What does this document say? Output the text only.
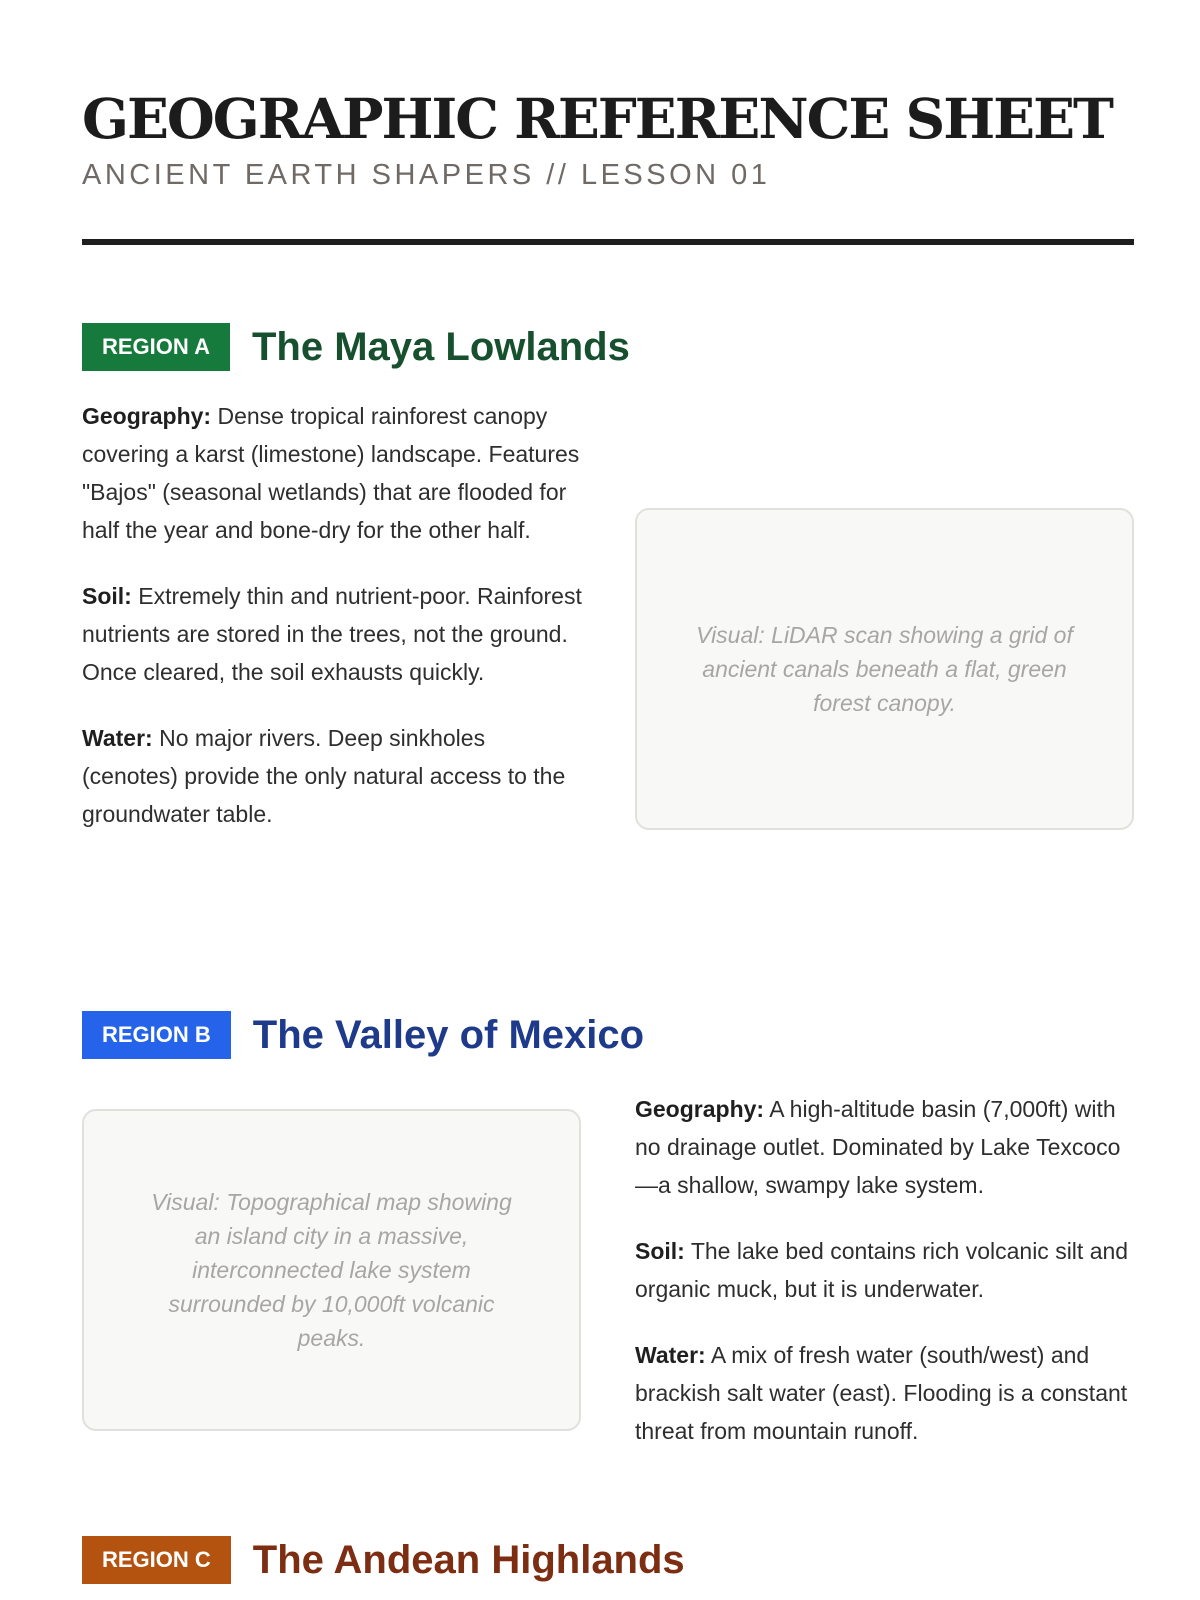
GEOGRAPHIC REFERENCE SHEET
ANCIENT EARTH SHAPERS // LESSON 01
REGION A	The Maya Lowlands

Geography: Dense tropical rainforest canopy covering a karst (limestone) landscape. Features "Bajos" (seasonal wetlands) that are flooded for half the year and bone-dry for the other half.

Soil: Extremely thin and nutrient-poor. Rainforest nutrients are stored in the trees, not the ground. Once cleared, the soil exhausts quickly.

Water: No major rivers. Deep sinkholes (cenotes) provide the only natural access to the groundwater table.

Visual: LiDAR scan showing a grid of ancient canals beneath a flat, green forest canopy.
REGION B	The Valley of Mexico
Visual: Topographical map showing an island city in a massive, interconnected lake system surrounded by 10,000ft volcanic peaks.

Geography: A high-altitude basin (7,000ft) with no drainage outlet. Dominated by Lake Texcoco—a shallow, swampy lake system.

Soil: The lake bed contains rich volcanic silt and organic muck, but it is underwater.

Water: A mix of fresh water (south/west) and brackish salt water (east). Flooding is a constant threat from mountain runoff.

REGION C	The Andean Highlands
